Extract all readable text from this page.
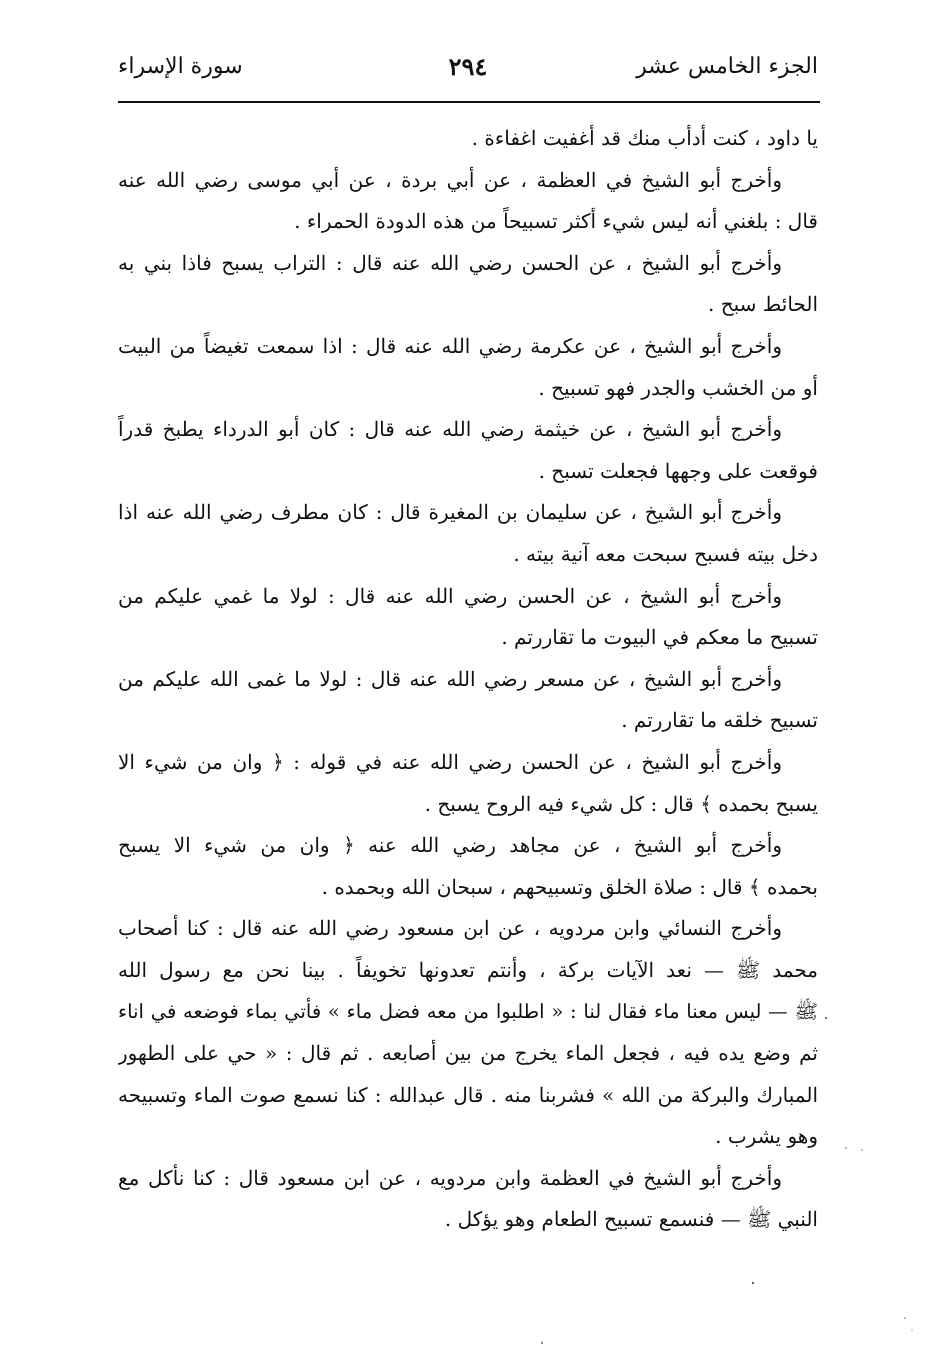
الجزء الخامس عشر
٢٩٤
سورة الإسراء
يا داود ، كنت أدأب منك قد أغفيت اغفاءة .
وأخرج أبو الشيخ في العظمة ، عن أبي بردة ، عن أبي موسى رضي الله عنه
قال : بلغني أنه ليس شيء أكثر تسبيحاً من هذه الدودة الحمراء .
وأخرج أبو الشيخ ، عن الحسن رضي الله عنه قال : التراب يسبح فاذا بني به
الحائط سبح .
وأخرج أبو الشيخ ، عن عكرمة رضي الله عنه قال : اذا سمعت تغيضاً من البيت
أو من الخشب والجدر فهو تسبيح .
وأخرج أبو الشيخ ، عن خيثمة رضي الله عنه قال : كان أبو الدرداء يطبخ قدراً
فوقعت على وجهها فجعلت تسبح .
وأخرج أبو الشيخ ، عن سليمان بن المغيرة قال : كان مطرف رضي الله عنه اذا
دخل بيته فسبح سبحت معه آنية بيته .
وأخرج أبو الشيخ ، عن الحسن رضي الله عنه قال : لولا ما غمي عليكم من
تسبيح ما معكم في البيوت ما تقاررتم .
وأخرج أبو الشيخ ، عن مسعر رضي الله عنه قال : لولا ما غمى الله عليكم من
تسبيح خلقه ما تقاررتم .
وأخرج أبو الشيخ ، عن الحسن رضي الله عنه في قوله : ﴿ وان من شيء الا
يسبح بحمده ﴾ قال : كل شيء فيه الروح يسبح .
وأخرج أبو الشيخ ، عن مجاهد رضي الله عنه ﴿ وان من شيء الا يسبح
بحمده ﴾ قال : صلاة الخلق وتسبيحهم ، سبحان الله وبحمده .
وأخرج النسائي وابن مردويه ، عن ابن مسعود رضي الله عنه قال : كنا أصحاب
محمد ﷺ — نعد الآيات بركة ، وأنتم تعدونها تخويفاً . بينا نحن مع رسول الله
ﷺ — ليس معنا ماء فقال لنا : « اطلبوا من معه فضل ماء » فأتي بماء فوضعه في اناء
ثم وضع يده فيه ، فجعل الماء يخرج من بين أصابعه . ثم قال : « حي على الطهور
المبارك والبركة من الله » فشربنا منه . قال عبدالله : كنا نسمع صوت الماء وتسبيحه
وهو يشرب .
وأخرج أبو الشيخ في العظمة وابن مردويه ، عن ابن مسعود قال : كنا نأكل مع
النبي ﷺ — فنسمع تسبيح الطعام وهو يؤكل .
